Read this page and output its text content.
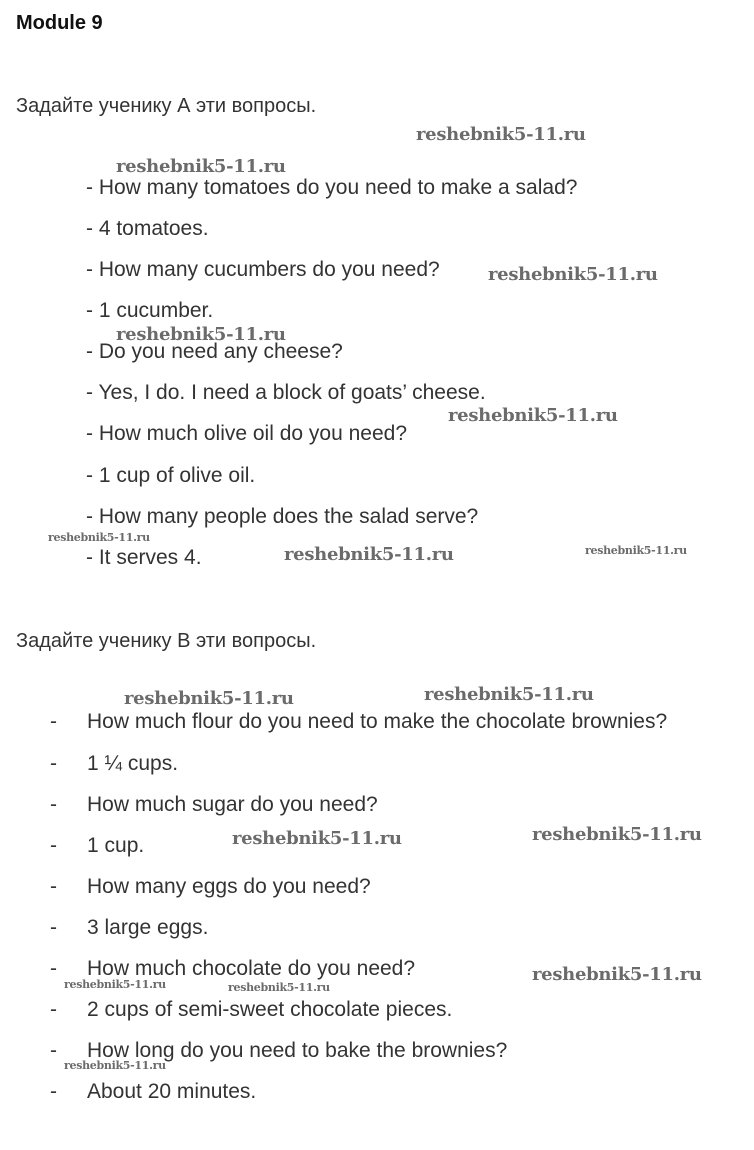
Module 9
Задайте ученику А эти вопросы.
- How many tomatoes do you need to make a salad?
- 4 tomatoes.
- How many cucumbers do you need?
- 1 cucumber.
- Do you need any cheese?
- Yes, I do. I need a block of goats’ cheese.
- How much olive oil do you need?
- 1 cup of olive oil.
- How many people does the salad serve?
- It serves 4.
Задайте ученику В эти вопросы.
- How much flour do you need to make the chocolate brownies?
- 1 ¼ cups.
- How much sugar do you need?
- 1 cup.
- How many eggs do you need?
- 3 large eggs.
- How much chocolate do you need?
- 2 cups of semi-sweet chocolate pieces.
- How long do you need to bake the brownies?
- About 20 minutes.
reshebnik5-11.ru
reshebnik5-11.ru
reshebnik5-11.ru
reshebnik5-11.ru
reshebnik5-11.ru
reshebnik5-11.ru
reshebnik5-11.ru	reshebnik5-11.ru
reshebnik5-11.ru	reshebnik5-11.ru
reshebnik5-11.ru	reshebnik5-11.ru
reshebnik5-11.ru	reshebnik5-11.ru
reshebnik5-11.ru
reshebnik5-11.ru
